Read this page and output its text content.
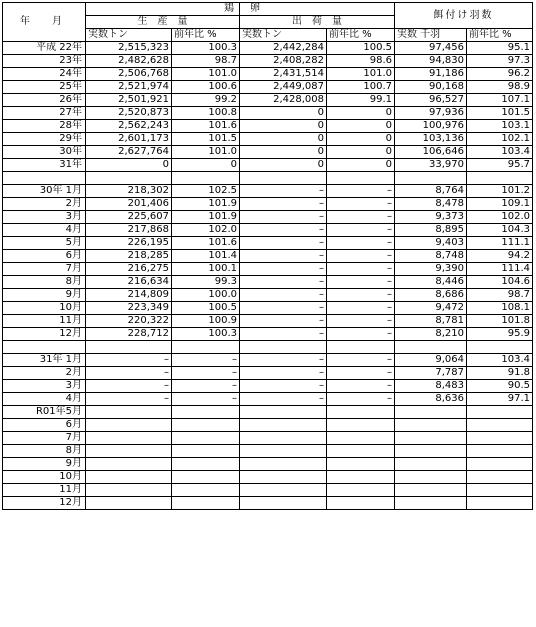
年　月	鶏		卵		餌付け羽数	
	生　産　量		出　荷　量			
	実数トン	前年比 %	実数トン	前年比 %	実数 千羽	前年比 %
平成 22年	2,515,323	100.3	2,442,284	100.5	97,456	95.1
23年	2,482,628	98.7	2,408,282	98.6	94,830	97.3
24年	2,506,768	101.0	2,431,514	101.0	91,186	96.2
25年	2,521,974	100.6	2,449,087	100.7	90,168	98.9
26年	2,501,921	99.2	2,428,008	99.1	96,527	107.1
27年	2,520,873	100.8	0	0	97,936	101.5
28年	2,562,243	101.6	0	0	100,976	103.1
29年	2,601,173	101.5	0	0	103,136	102.1
30年	2,627,764	101.0	0	0	106,646	103.4
31年	0	0	0	0	33,970	95.7

30年 1月	218,302	102.5	–	–	8,764	101.2
2月	201,406	101.9	–	–	8,478	109.1
3月	225,607	101.9	–	–	9,373	102.0
4月	217,868	102.0	–	–	8,895	104.3
5月	226,195	101.6	–	–	9,403	111.1
6月	218,285	101.4	–	–	8,748	94.2
7月	216,275	100.1	–	–	9,390	111.4
8月	216,634	99.3	–	–	8,446	104.6
9月	214,809	100.0	–	–	8,686	98.7
10月	223,349	100.5	–	–	9,472	108.1
11月	220,322	100.9	–	–	8,781	101.8
12月	228,712	100.3	–	–	8,210	95.9

31年 1月	–	–	–	–	9,064	103.4
2月	–	–	–	–	7,787	91.8
3月	–	–	–	–	8,483	90.5
4月	–	–	–	–	8,636	97.1
R01年5月						
6月						
7月						
8月						
9月						
10月						
11月						
12月						
